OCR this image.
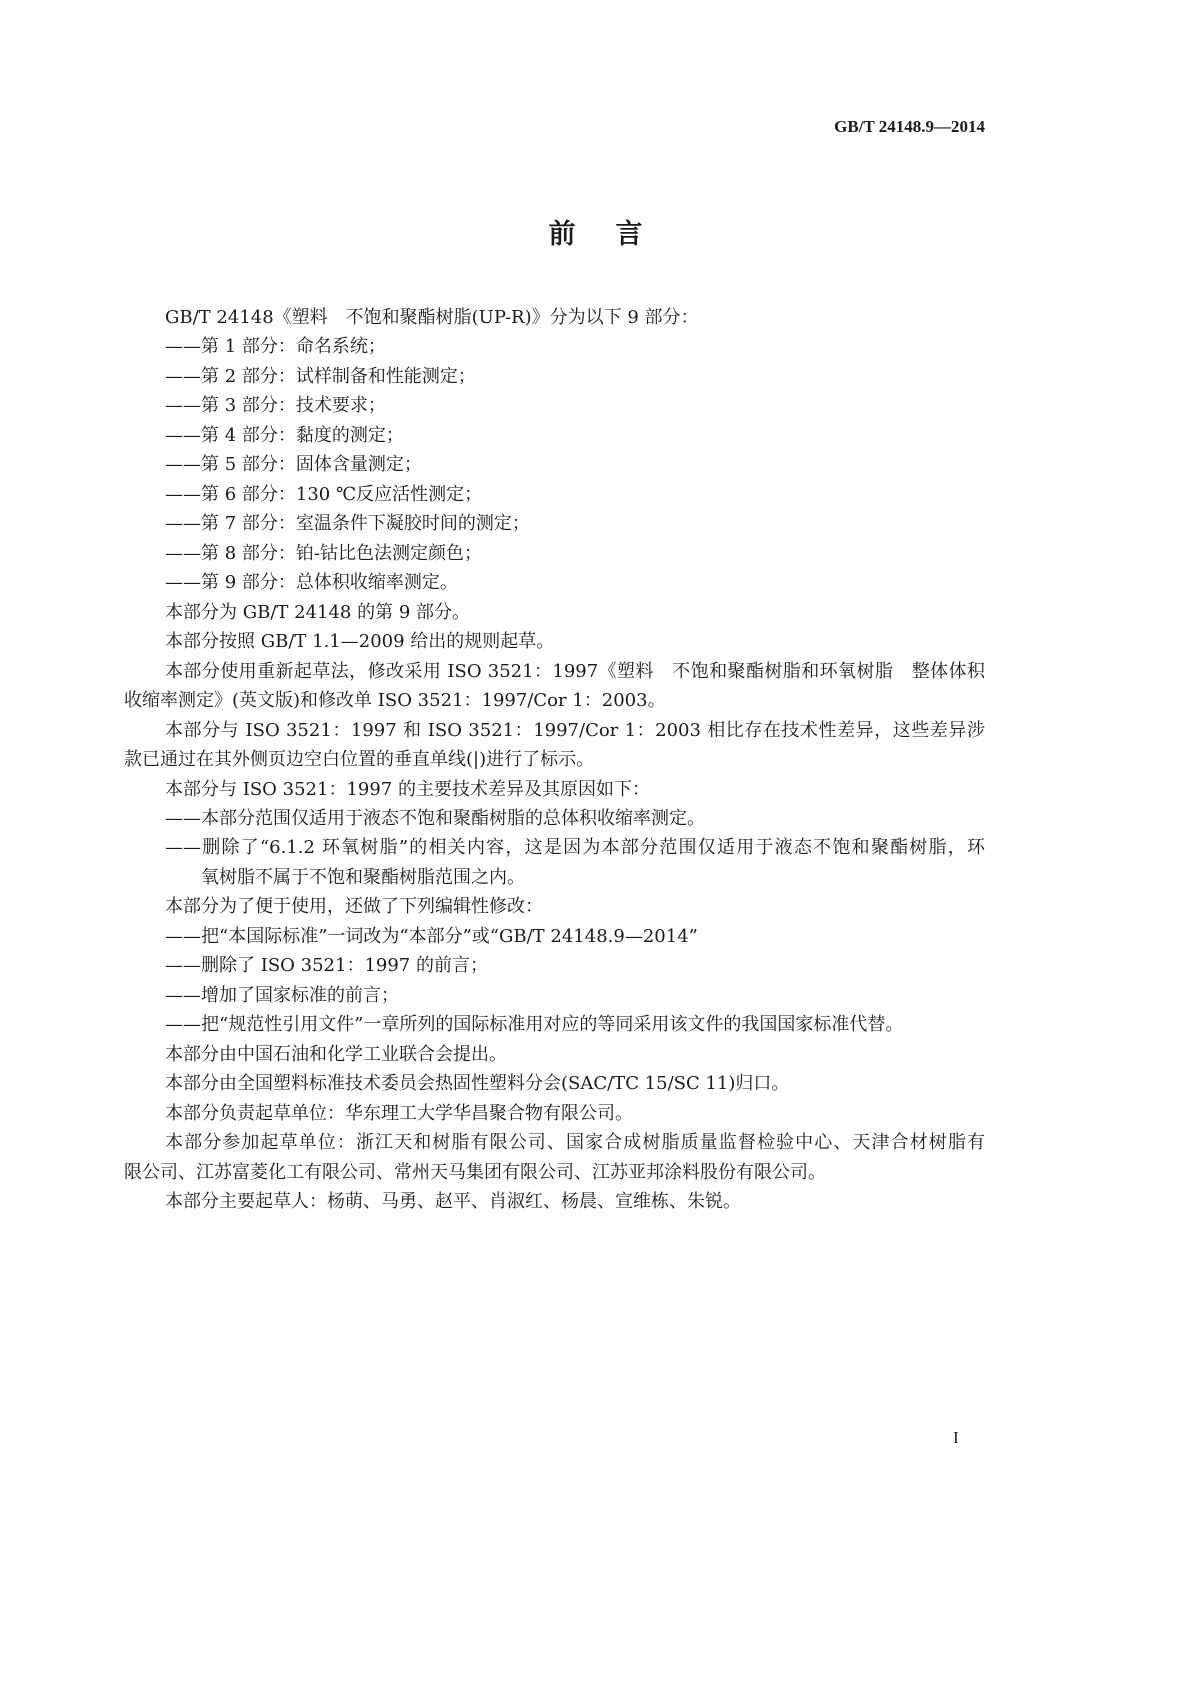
GB/T 24148.9—2014
前言
GB/T 24148《塑料　不饱和聚酯树脂(UP-R)》分为以下 9 部分：
——第 1 部分：命名系统；
——第 2 部分：试样制备和性能测定；
——第 3 部分：技术要求；
——第 4 部分：黏度的测定；
——第 5 部分：固体含量测定；
——第 6 部分：130 ℃反应活性测定；
——第 7 部分：室温条件下凝胶时间的测定；
——第 8 部分：铂-钴比色法测定颜色；
——第 9 部分：总体积收缩率测定。
本部分为 GB/T 24148 的第 9 部分。
本部分按照 GB/T 1.1—2009 给出的规则起草。
本部分使用重新起草法，修改采用 ISO 3521：1997《塑料　不饱和聚酯树脂和环氧树脂　整体体积
收缩率测定》(英文版)和修改单 ISO 3521：1997/Cor 1：2003。
本部分与 ISO 3521：1997 和 ISO 3521：1997/Cor 1：2003 相比存在技术性差异，这些差异涉
款已通过在其外侧页边空白位置的垂直单线(|)进行了标示。
本部分与 ISO 3521：1997 的主要技术差异及其原因如下：
——本部分范围仅适用于液态不饱和聚酯树脂的总体积收缩率测定。
——删除了“6.1.2 环氧树脂”的相关内容，这是因为本部分范围仅适用于液态不饱和聚酯树脂，环
氧树脂不属于不饱和聚酯树脂范围之内。
本部分为了便于使用，还做了下列编辑性修改：
——把“本国际标准”一词改为“本部分”或“GB/T 24148.9—2014”
——删除了 ISO 3521：1997 的前言；
——增加了国家标准的前言；
——把“规范性引用文件”一章所列的国际标准用对应的等同采用该文件的我国国家标准代替。
本部分由中国石油和化学工业联合会提出。
本部分由全国塑料标准技术委员会热固性塑料分会(SAC/TC 15/SC 11)归口。
本部分负责起草单位：华东理工大学华昌聚合物有限公司。
本部分参加起草单位：浙江天和树脂有限公司、国家合成树脂质量监督检验中心、天津合材树脂有
限公司、江苏富菱化工有限公司、常州天马集团有限公司、江苏亚邦涂料股份有限公司。
本部分主要起草人：杨萌、马勇、赵平、肖淑红、杨晨、宣维栋、朱锐。
I
